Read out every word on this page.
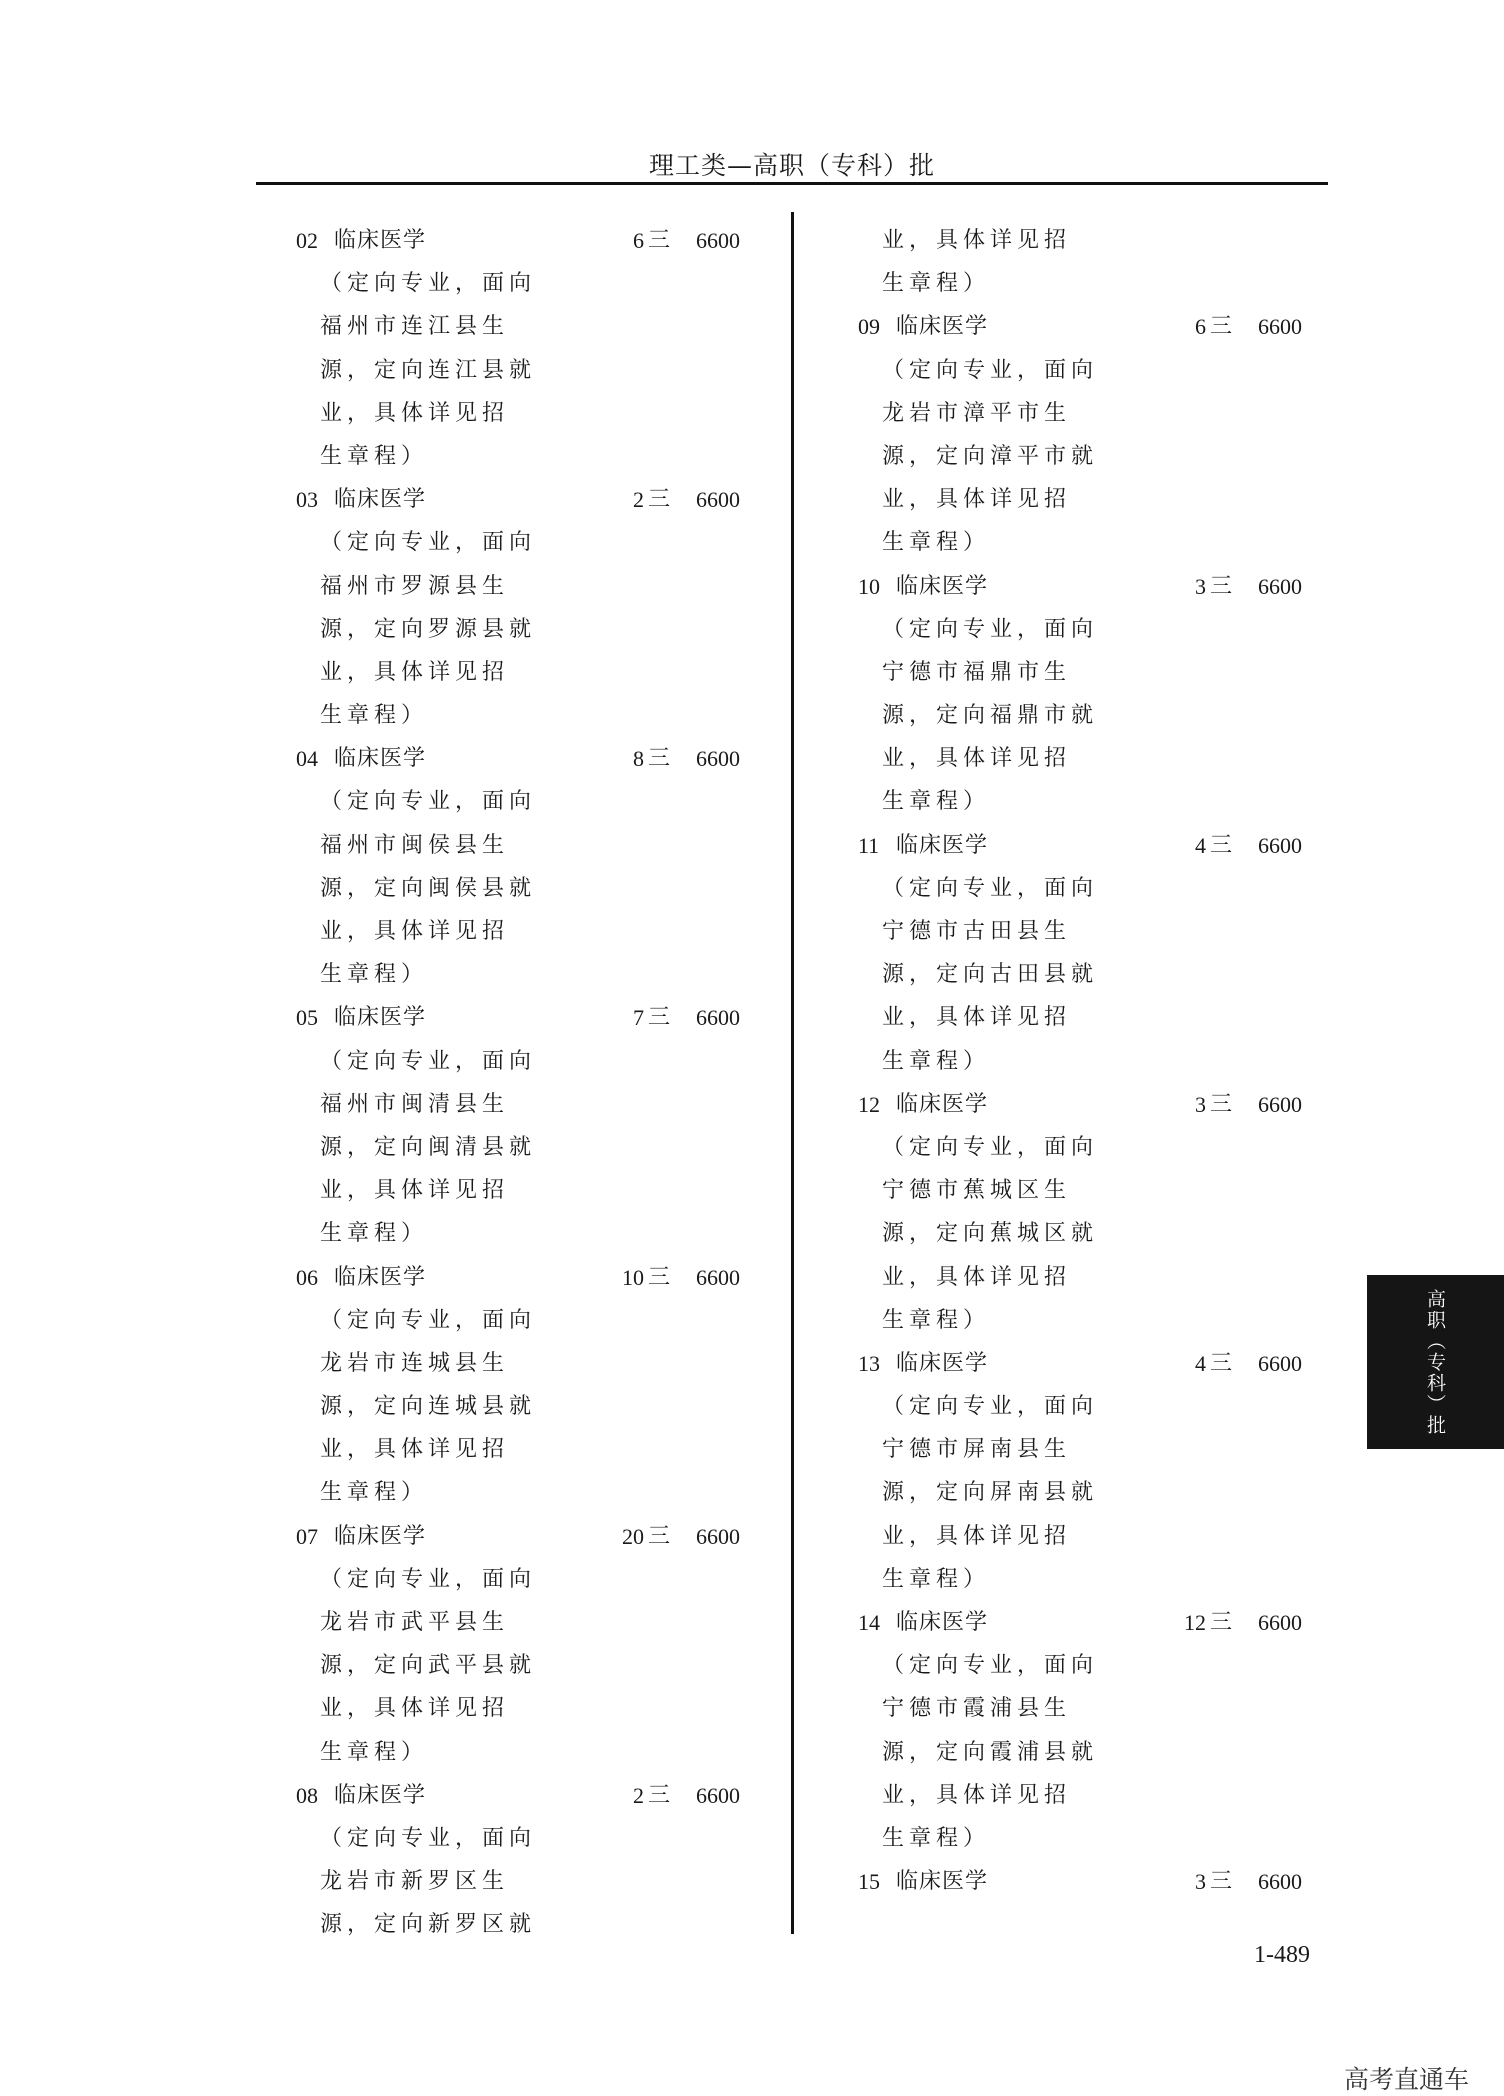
理工类—高职（专科）批
02 临床医学	6 三 6600
（定向专业，面向
福州市连江县生
源，定向连江县就
业，具体详见招
生章程）
03 临床医学	2 三 6600
（定向专业，面向
福州市罗源县生
源，定向罗源县就
业，具体详见招
生章程）
04 临床医学	8 三 6600
（定向专业，面向
福州市闽侯县生
源，定向闽侯县就
业，具体详见招
生章程）
05 临床医学	7 三 6600
（定向专业，面向
福州市闽清县生
源，定向闽清县就
业，具体详见招
生章程）
06 临床医学	10 三 6600
（定向专业，面向
龙岩市连城县生
源，定向连城县就
业，具体详见招
生章程）
07 临床医学	20 三 6600
（定向专业，面向
龙岩市武平县生
源，定向武平县就
业，具体详见招
生章程）
08 临床医学	2 三 6600
（定向专业，面向
龙岩市新罗区生
源，定向新罗区就
业，具体详见招
生章程）
09 临床医学	6 三 6600
（定向专业，面向
龙岩市漳平市生
源，定向漳平市就
业，具体详见招
生章程）
10 临床医学	3 三 6600
（定向专业，面向
宁德市福鼎市生
源，定向福鼎市就
业，具体详见招
生章程）
11 临床医学	4 三 6600
（定向专业，面向
宁德市古田县生
源，定向古田县就
业，具体详见招
生章程）
12 临床医学	3 三 6600
（定向专业，面向
宁德市蕉城区生
源，定向蕉城区就
业，具体详见招
生章程）
13 临床医学	4 三 6600
（定向专业，面向
宁德市屏南县生
源，定向屏南县就
业，具体详见招
生章程）
14 临床医学	12 三 6600
（定向专业，面向
宁德市霞浦县生
源，定向霞浦县就
业，具体详见招
生章程）
15 临床医学	3 三 6600
高职（专科）批
1-489
高考直通车
